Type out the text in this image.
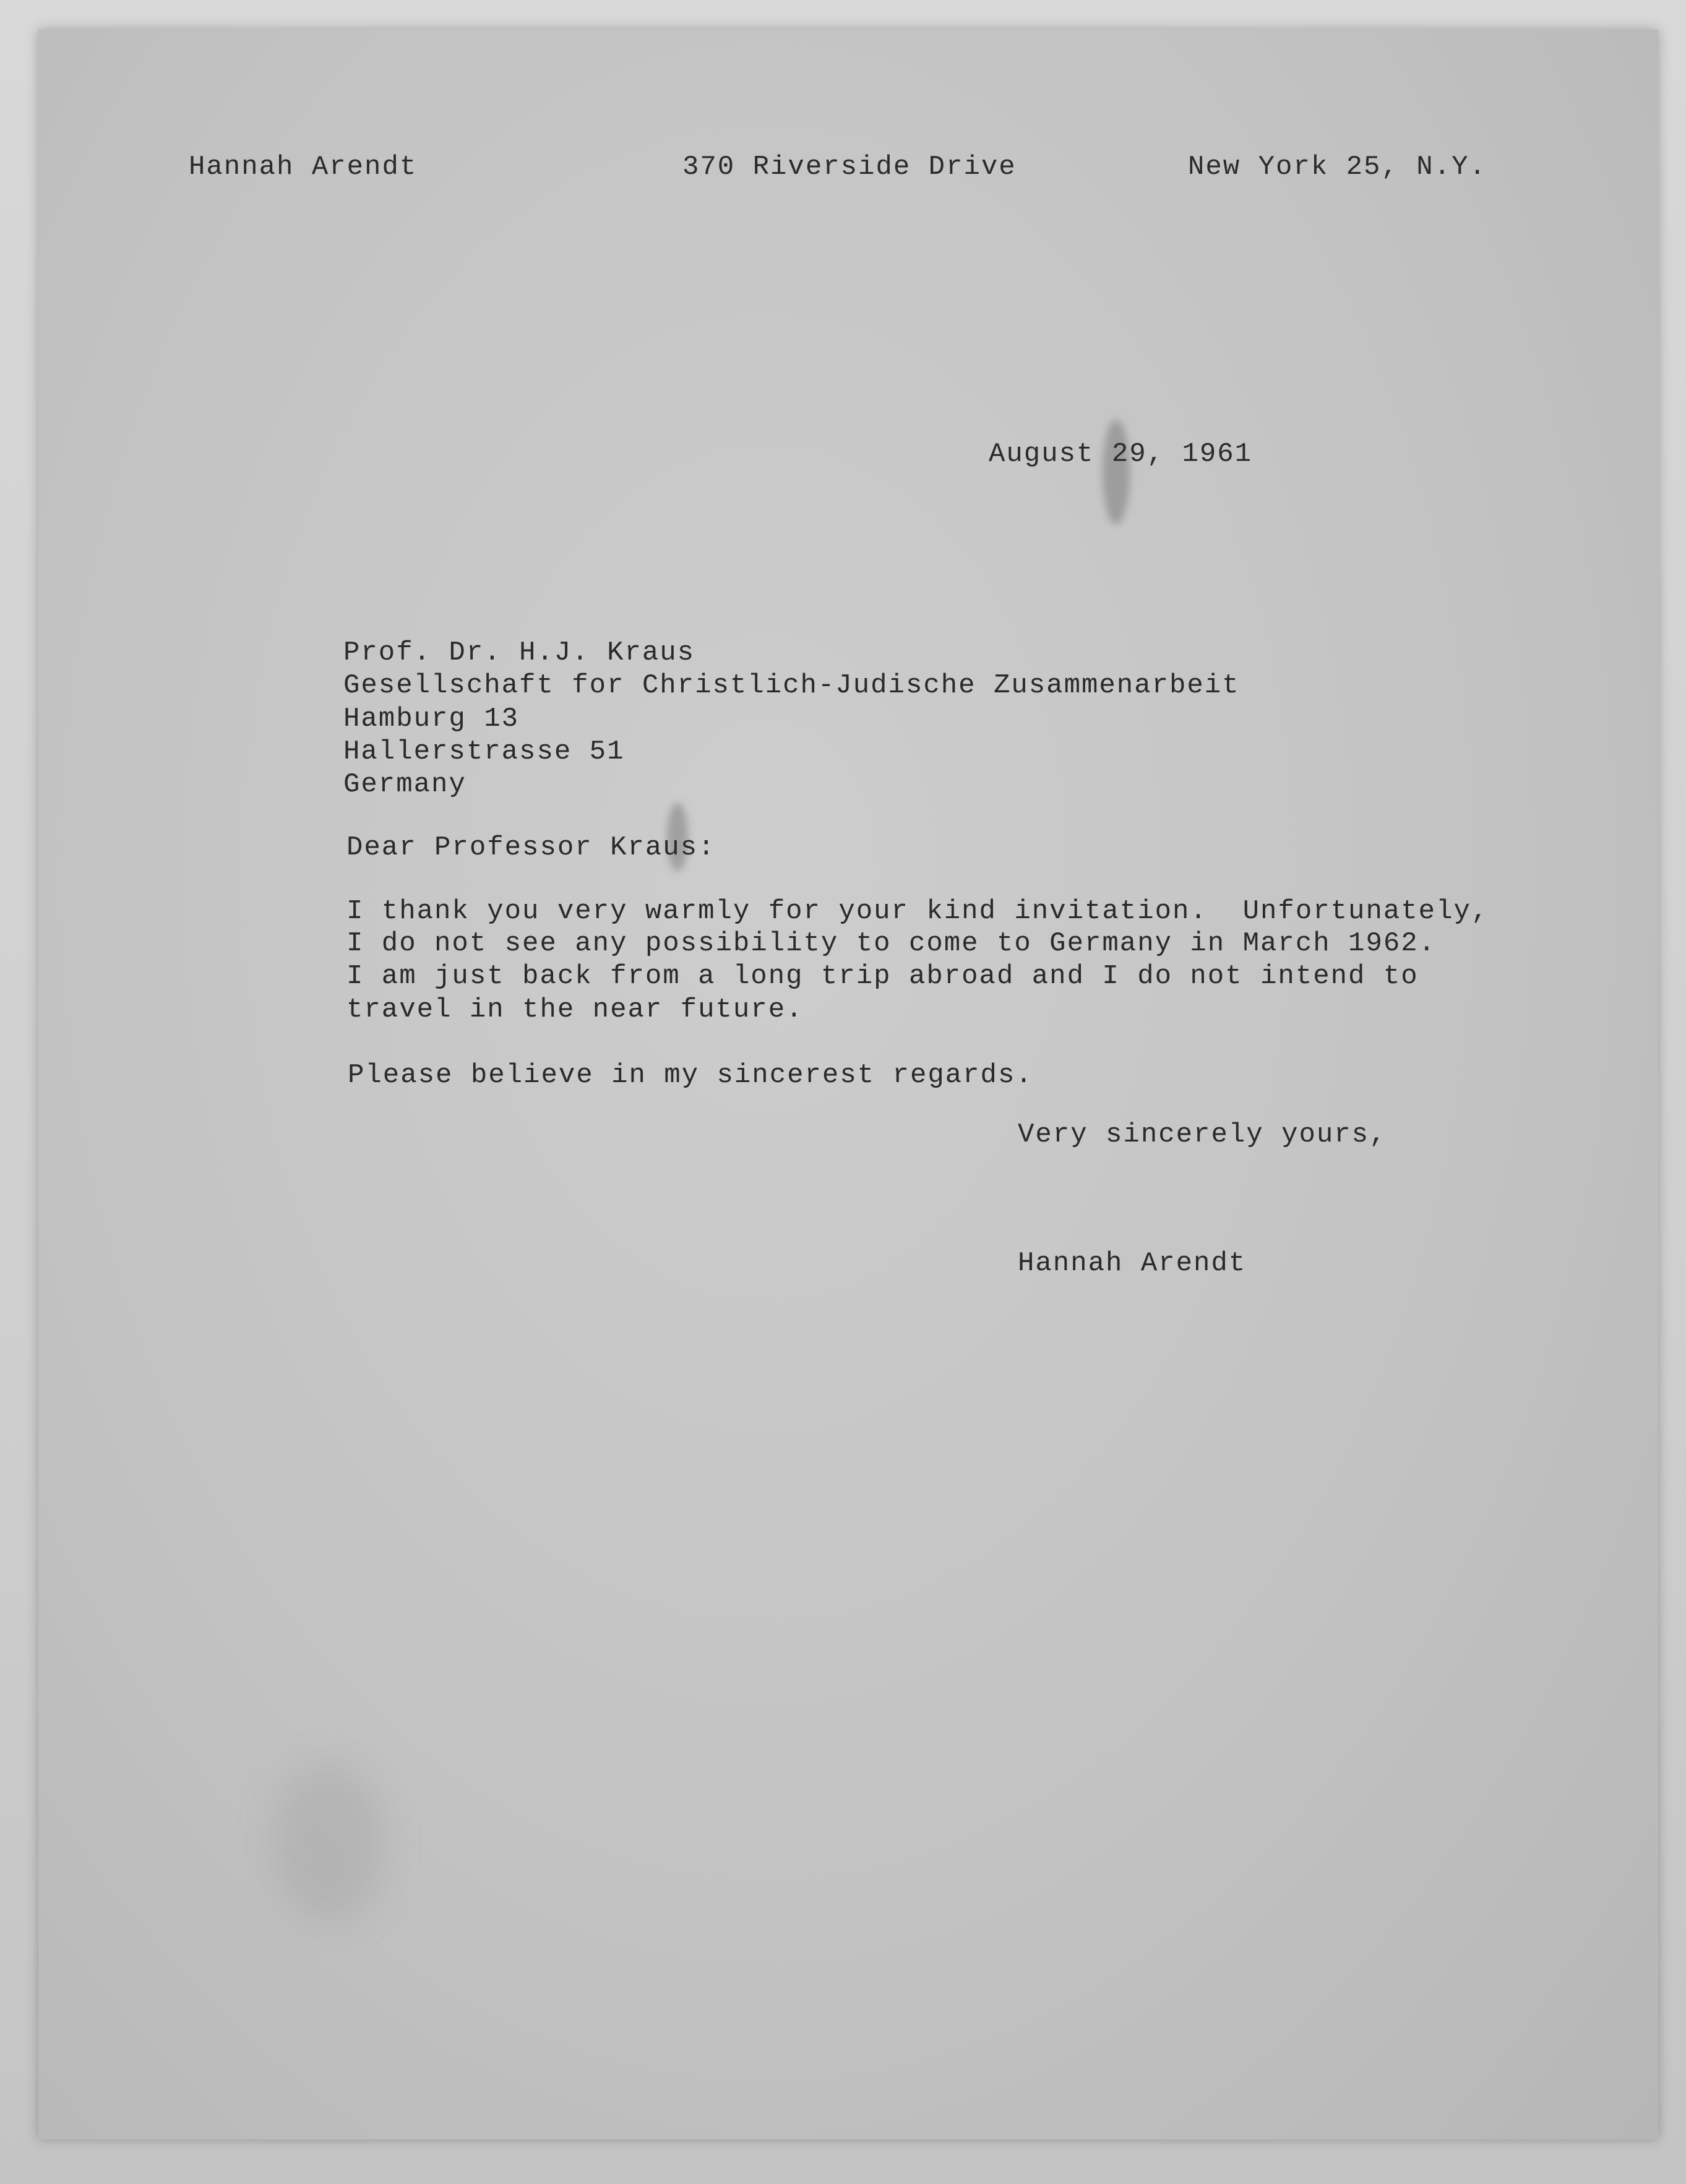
Hannah Arendt	370 Riverside Drive	New York 25, N.Y.
August 29, 1961
Prof. Dr. H.J. Kraus
Gesellschaft for Christlich-Judische Zusammenarbeit
Hamburg 13
Hallerstrasse 51
Germany
Dear Professor Kraus:
I thank you very warmly for your kind invitation.  Unfortunately,
I do not see any possibility to come to Germany in March 1962.
I am just back from a long trip abroad and I do not intend to
travel in the near future.
Please believe in my sincerest regards.
Very sincerely yours,
Hannah Arendt
